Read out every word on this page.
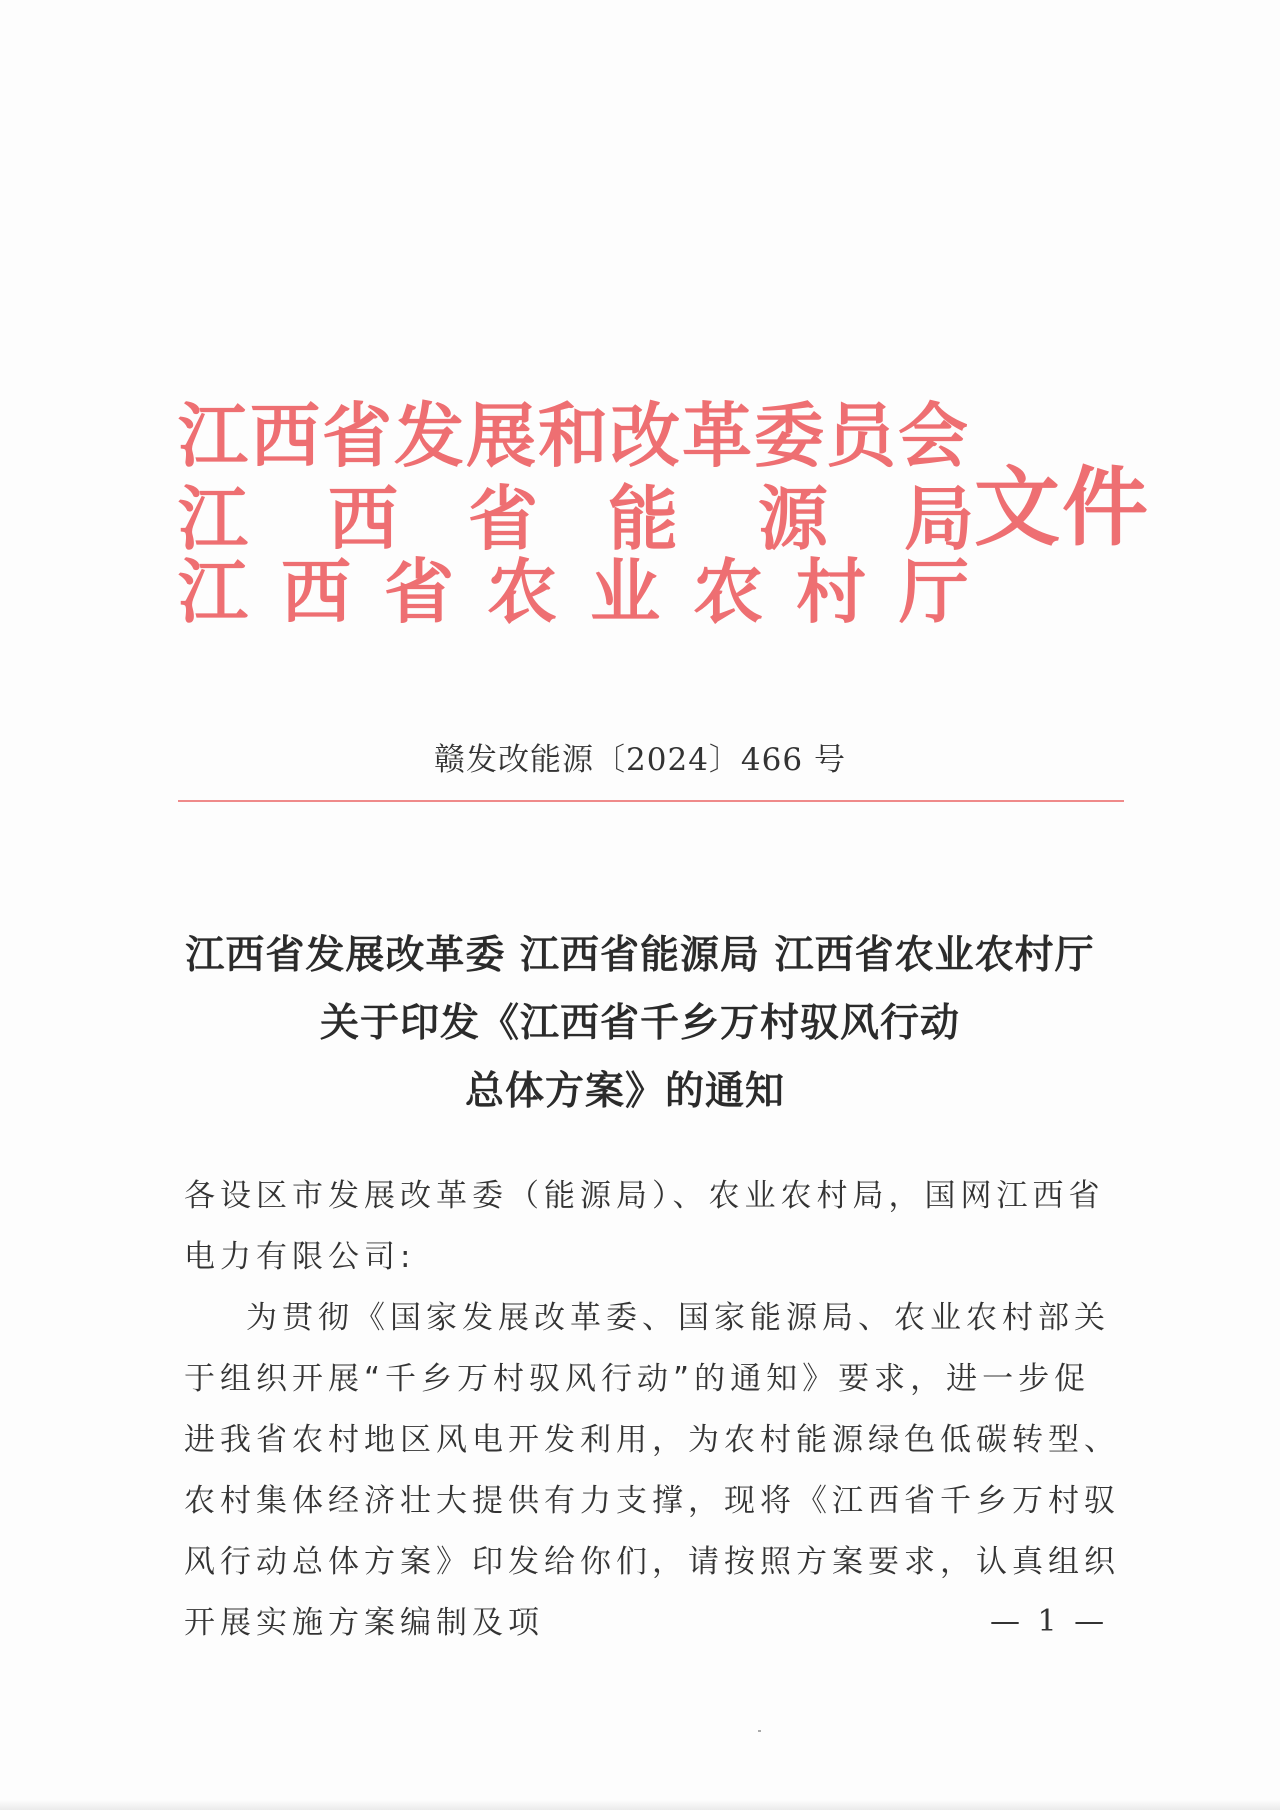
江西省发展和改革委员会
江 西 省 能 源 局文件
江 西 省 农 业 农 村 厅
赣发改能源〔2024〕466 号
江西省发展改革委 江西省能源局 江西省农业农村厅
关于印发《江西省千乡万村驭风行动
总体方案》的通知
各设区市发展改革委（能源局）、农业农村局，国网江西省电力有限公司:

为贯彻《国家发展改革委、国家能源局、农业农村部关于组织开展“千乡万村驭风行动”的通知》要求，进一步促进我省农村地区风电开发利用，为农村能源绿色低碳转型、农村集体经济壮大提供有力支撑，现将《江西省千乡万村驭风行动总体方案》印发给你们，请按照方案要求，认真组织开展实施方案编制及项	— 1 —
